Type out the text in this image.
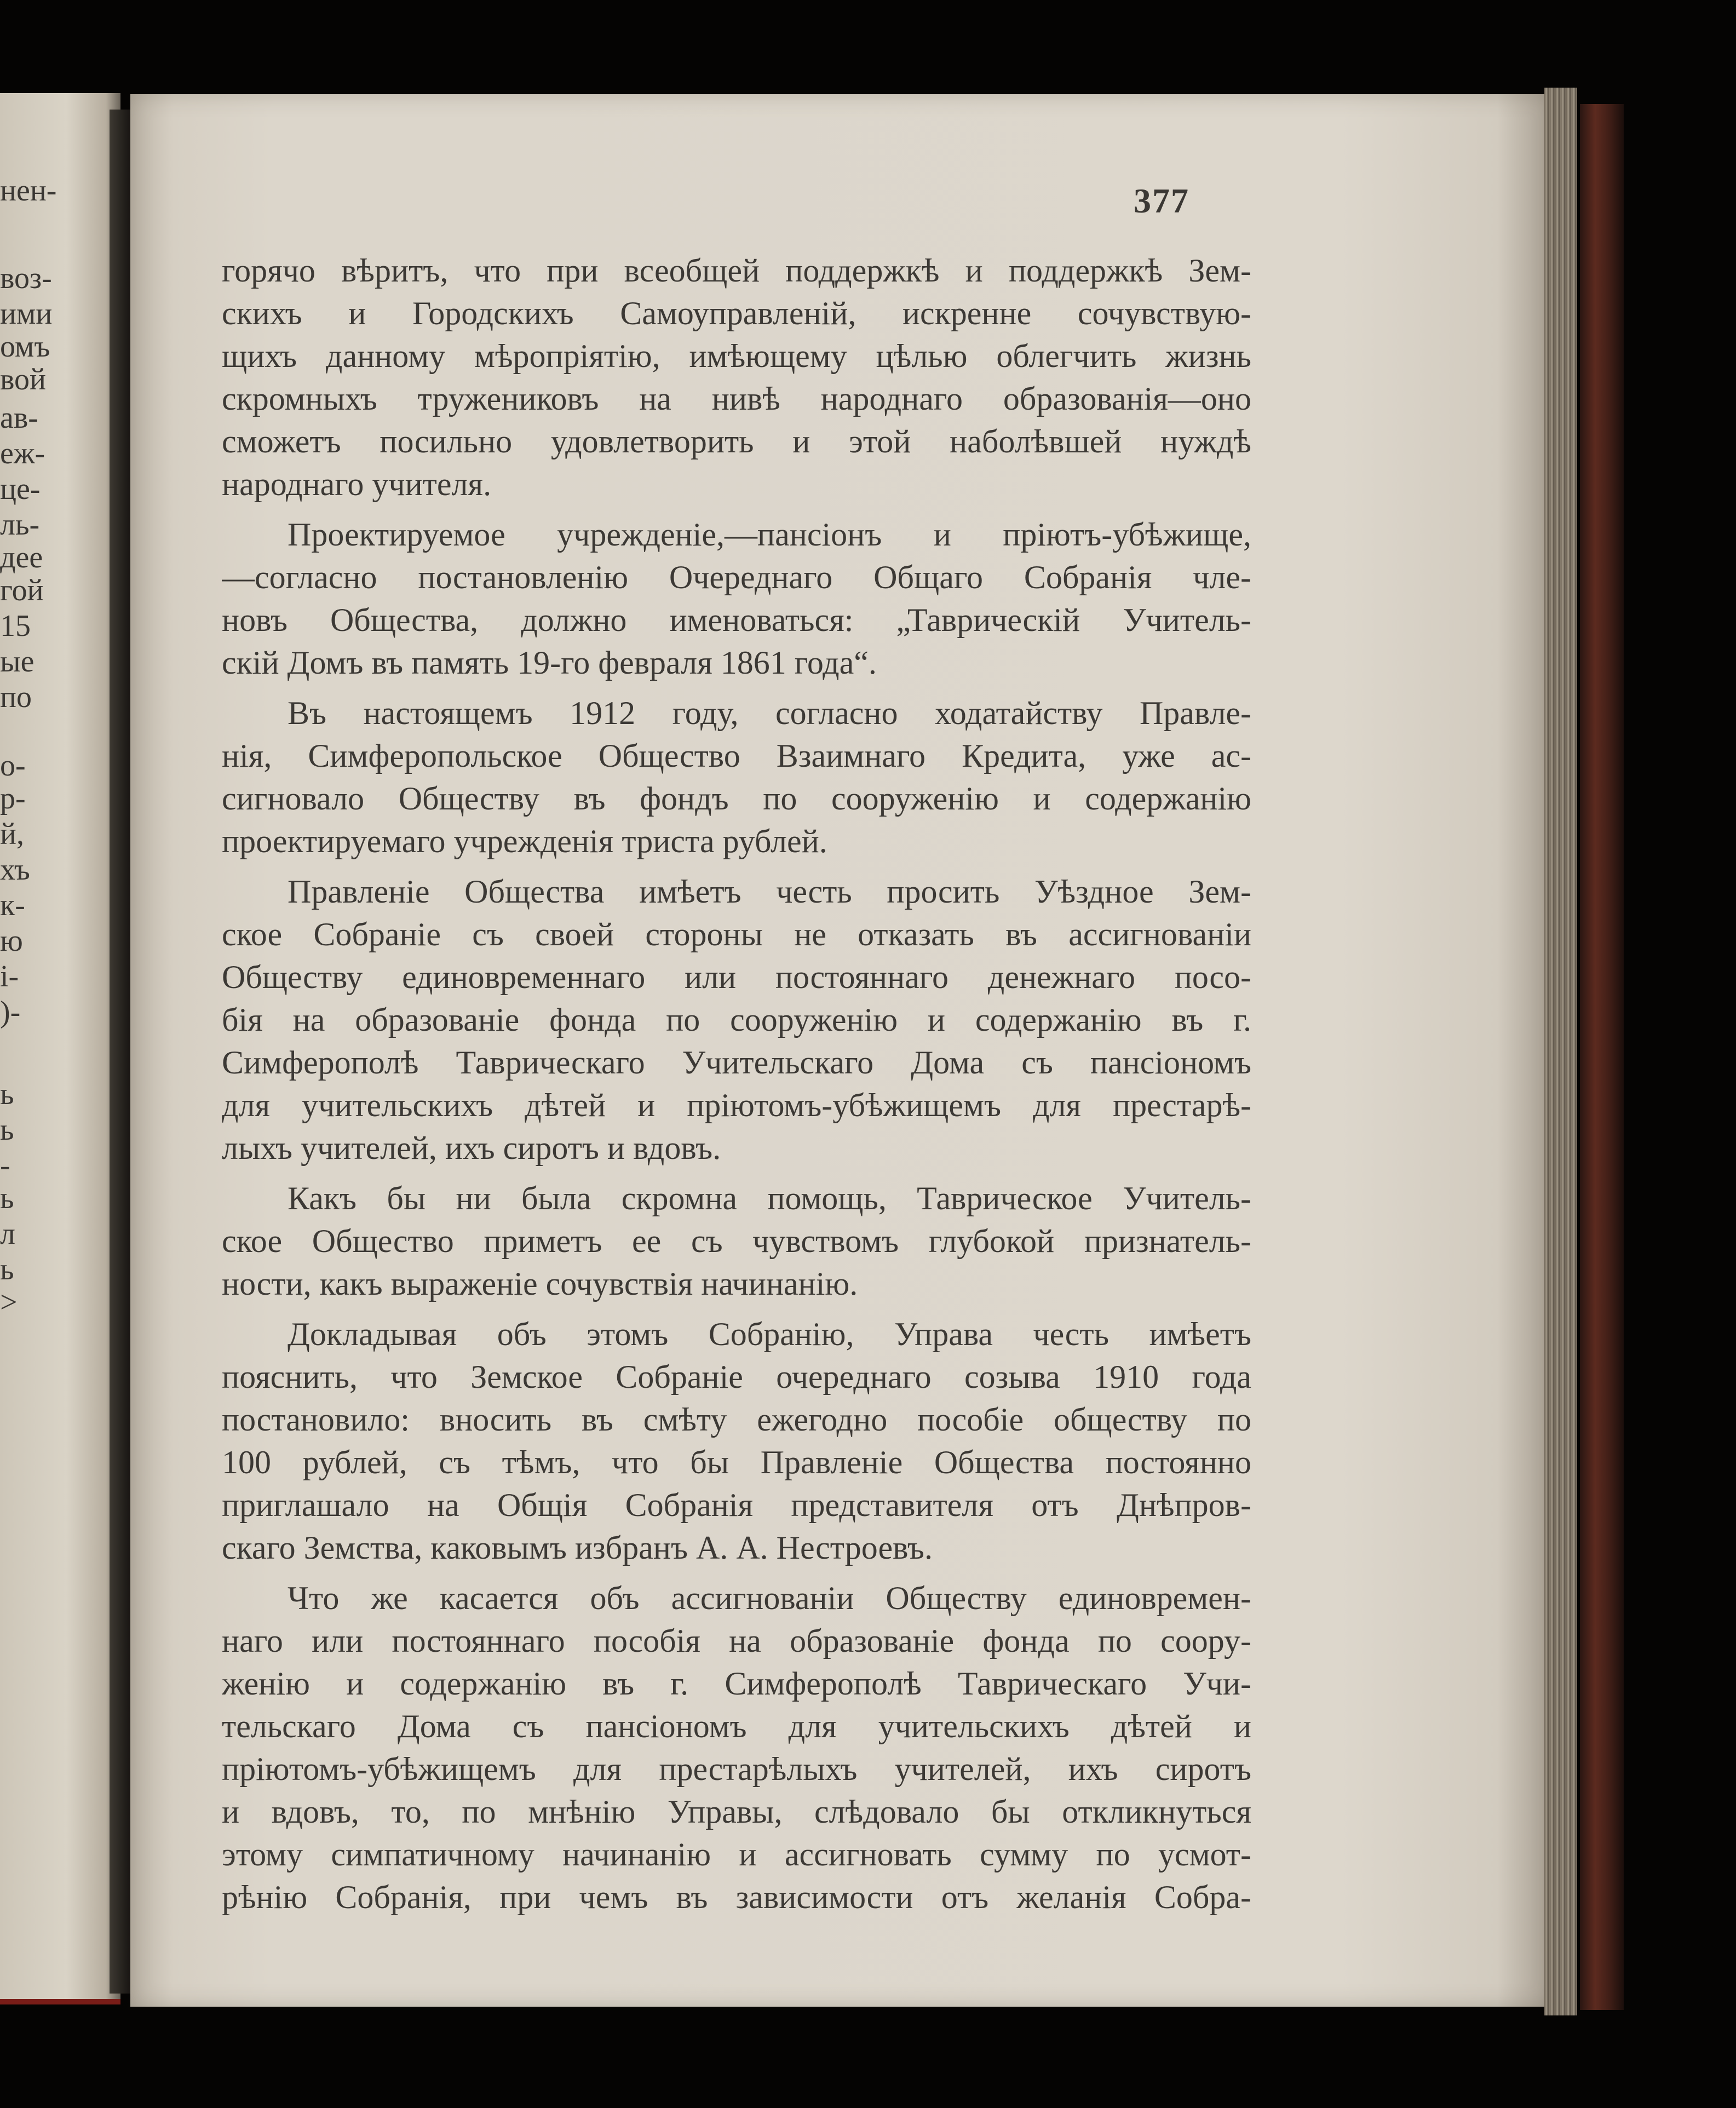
нен-
воз-
ими
омъ
вой
ав-
еж-
це-
ль-
дее
гой
15
ые
по
о-
р-
й,
хъ
к-
ю
і-
)-
ь
ь
-
ь
л
ь
>
377
горячо вѣритъ, что при всеобщей поддержкѣ и поддержкѣ Зем-
скихъ и Городскихъ Самоуправленій, искренне сочувствую-
щихъ данному мѣропріятію, имѣющему цѣлью облегчить жизнь
скромныхъ тружениковъ на нивѣ народнаго образованія—оно
сможетъ посильно удовлетворить и этой наболѣвшей нуждѣ
народнаго учителя.
Проектируемое учрежденіе,—пансіонъ и пріютъ-убѣжище,
—согласно постановленію Очереднаго Общаго Собранія чле-
новъ Общества, должно именоваться: „Таврическій Учитель-
скій Домъ въ память 19-го февраля 1861 года“.
Въ настоящемъ 1912 году, согласно ходатайству Правле-
нія, Симферопольское Общество Взаимнаго Кредита, уже ас-
сигновало Обществу въ фондъ по сооруженію и содержанію
проектируемаго учрежденія триста рублей.
Правленіе Общества имѣетъ честь просить Уѣздное Зем-
ское Собраніе съ своей стороны не отказать въ ассигнованіи
Обществу единовременнаго или постояннаго денежнаго посо-
бія на образованіе фонда по сооруженію и содержанію въ г.
Симферополѣ Таврическаго Учительскаго Дома съ пансіономъ
для учительскихъ дѣтей и пріютомъ-убѣжищемъ для престарѣ-
лыхъ учителей, ихъ сиротъ и вдовъ.
Какъ бы ни была скромна помощь, Таврическое Учитель-
ское Общество приметъ ее съ чувствомъ глубокой признатель-
ности, какъ выраженіе сочувствія начинанію.
Докладывая объ этомъ Собранію, Управа честь имѣетъ
пояснить, что Земское Собраніе очереднаго созыва 1910 года
постановило: вносить въ смѣту ежегодно пособіе обществу по
100 рублей, съ тѣмъ, что бы Правленіе Общества постоянно
приглашало на Общія Собранія представителя отъ Днѣпров-
скаго Земства, каковымъ избранъ А. А. Нестроевъ.
Что же касается объ ассигнованіи Обществу единовремен-
наго или постояннаго пособія на образованіе фонда по соору-
женію и содержанію въ г. Симферополѣ Таврическаго Учи-
тельскаго Дома съ пансіономъ для учительскихъ дѣтей и
пріютомъ-убѣжищемъ для престарѣлыхъ учителей, ихъ сиротъ
и вдовъ, то, по мнѣнію Управы, слѣдовало бы откликнуться
этому симпатичному начинанію и ассигновать сумму по усмот-
рѣнію Собранія, при чемъ въ зависимости отъ желанія Собра-
